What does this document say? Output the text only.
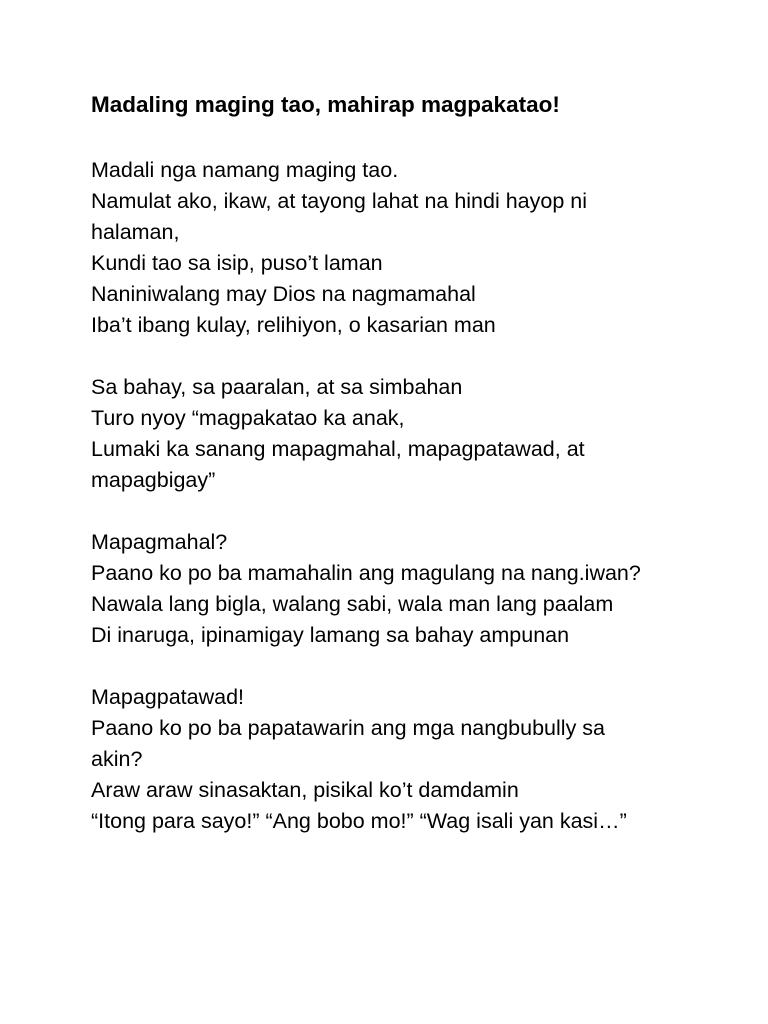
Madaling maging tao, mahirap magpakatao!
Madali nga namang maging tao.
Namulat ako, ikaw, at tayong lahat na hindi hayop ni
halaman,
Kundi tao sa isip, puso’t laman
Naniniwalang may Dios na nagmamahal
Iba’t ibang kulay, relihiyon, o kasarian man
Sa bahay, sa paaralan, at sa simbahan
Turo nyoy “magpakatao ka anak,
Lumaki ka sanang mapagmahal, mapagpatawad, at
mapagbigay”
Mapagmahal?
Paano ko po ba mamahalin ang magulang na nang.iwan?
Nawala lang bigla, walang sabi, wala man lang paalam
Di inaruga, ipinamigay lamang sa bahay ampunan
Mapagpatawad!
Paano ko po ba papatawarin ang mga nangbubully sa
akin?
Araw araw sinasaktan, pisikal ko’t damdamin
“Itong para sayo!” “Ang bobo mo!” “Wag isali yan kasi…”
